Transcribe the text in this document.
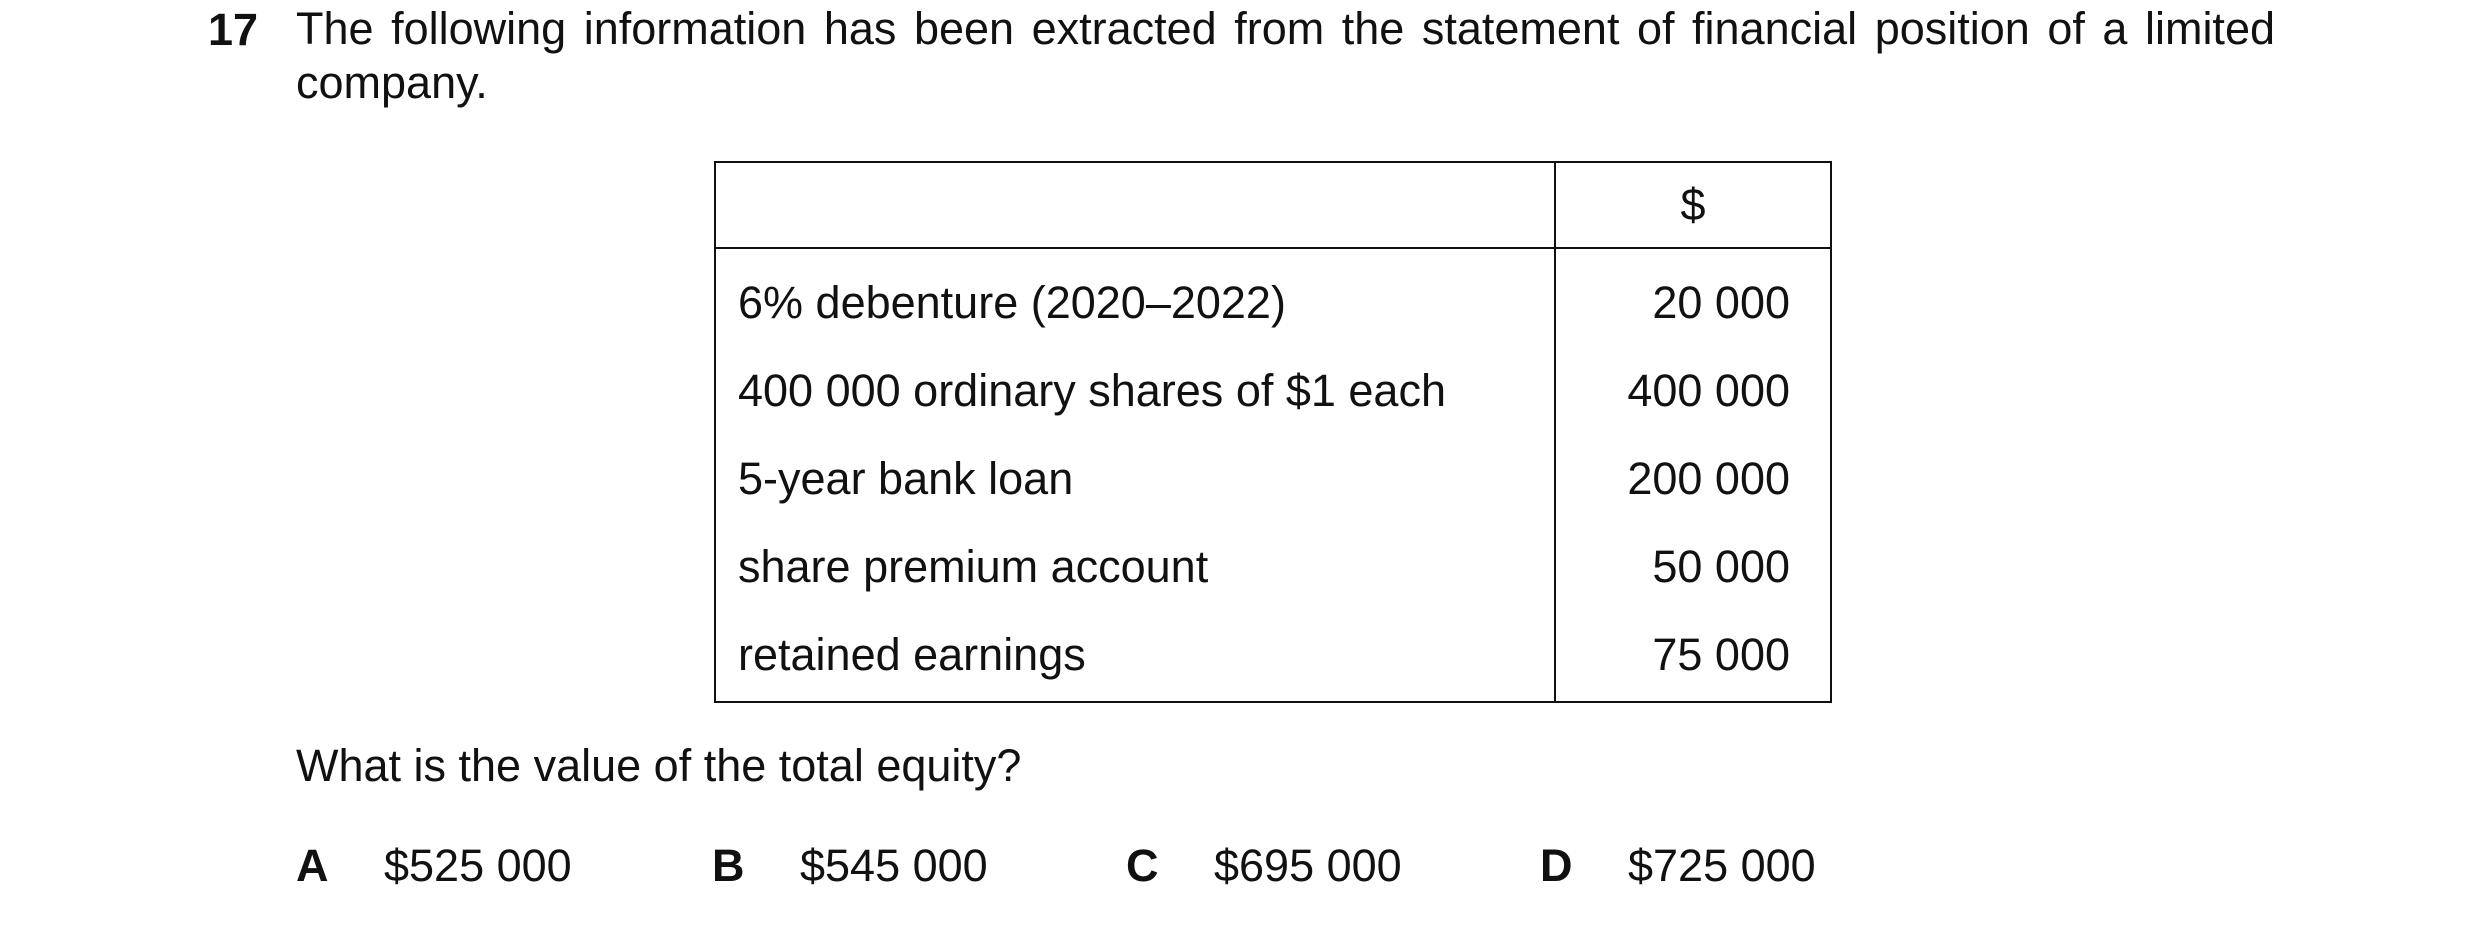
17 The following information has been extracted from the statement of financial position of a limited
company.
	$
6% debenture (2020–2022)	20 000
400 000 ordinary shares of $1 each	400 000
5-year bank loan	200 000
share premium account	50 000
retained earnings	75 000
What is the value of the total equity?
A $525 000	B $545 000	C $695 000	D $725 000
